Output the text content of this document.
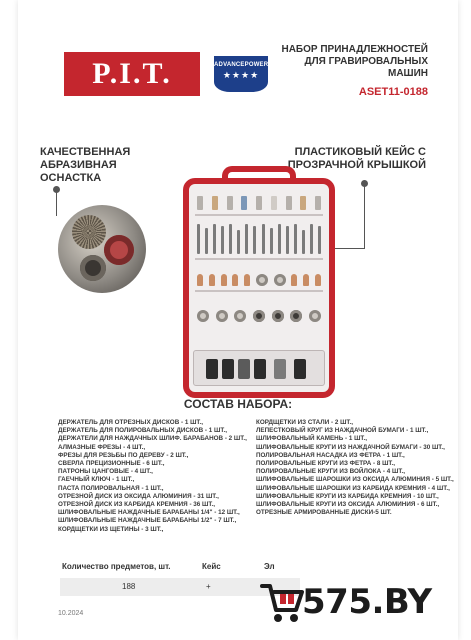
P.I.T.	ADVANCEPOWER
★★★★
НАБОР ПРИНАДЛЕЖНОСТЕЙ ДЛЯ ГРАВИРОВАЛЬНЫХ МАШИН
ASET11-0188
КАЧЕСТВЕННАЯ АБРАЗИВНАЯ ОСНАСТКА
ПЛАСТИКОВЫЙ КЕЙС С ПРОЗРАЧНОЙ КРЫШКОЙ
СОСТАВ НАБОРА:
ДЕРЖАТЕЛЬ ДЛЯ ОТРЕЗНЫХ ДИСКОВ - 1 ШТ.,
ДЕРЖАТЕЛЬ ДЛЯ ПОЛИРОВАЛЬНЫХ ДИСКОВ - 1 ШТ.,
ДЕРЖАТЕЛИ ДЛЯ НАЖДАЧНЫХ ШЛИФ. БАРАБАНОВ - 2 ШТ.,
АЛМАЗНЫЕ ФРЕЗЫ - 4 ШТ.,
ФРЕЗЫ ДЛЯ РЕЗЬБЫ ПО ДЕРЕВУ - 2 ШТ.,
СВЕРЛА ПРЕЦИЗИОННЫЕ - 6 ШТ.,
ПАТРОНЫ ЦАНГОВЫЕ - 4 ШТ.,
ГАЕЧНЫЙ КЛЮЧ - 1 ШТ.,
ПАСТА ПОЛИРОВАЛЬНАЯ - 1 ШТ.,
ОТРЕЗНОЙ ДИСК ИЗ ОКСИДА АЛЮМИНИЯ - 31 ШТ.,
ОТРЕЗНОЙ ДИСК ИЗ КАРБИДА КРЕМНИЯ - 36 ШТ.,
ШЛИФОВАЛЬНЫЕ НАЖДАЧНЫЕ БАРАБАНЫ 1/4" - 12 ШТ.,
ШЛИФОВАЛЬНЫЕ НАЖДАЧНЫЕ БАРАБАНЫ 1/2" - 7 ШТ.,
КОРДЩЕТКИ ИЗ ЩЕТИНЫ - 3 ШТ.,
КОРДЩЕТКИ ИЗ СТАЛИ - 2 ШТ.,
ЛЕПЕСТКОВЫЙ КРУГ ИЗ НАЖДАЧНОЙ БУМАГИ - 1 ШТ.,
ШЛИФОВАЛЬНЫЙ КАМЕНЬ - 1 ШТ.,
ШЛИФОВАЛЬНЫЕ КРУГИ ИЗ НАЖДАЧНОЙ БУМАГИ - 30 ШТ.,
ПОЛИРОВАЛЬНАЯ НАСАДКА ИЗ ФЕТРА - 1 ШТ.,
ПОЛИРОВАЛЬНЫЕ КРУГИ ИЗ ФЕТРА - 8 ШТ.,
ПОЛИРОВАЛЬНЫЕ КРУГИ ИЗ ВОЙЛОКА - 4 ШТ.,
ШЛИФОВАЛЬНЫЕ ШАРОШКИ ИЗ ОКСИДА АЛЮМИНИЯ - 5 ШТ.,
ШЛИФОВАЛЬНЫЕ ШАРОШКИ ИЗ КАРБИДА КРЕМНИЯ - 4 ШТ.,
ШЛИФОВАЛЬНЫЕ КРУГИ ИЗ КАРБИДА КРЕМНИЯ - 10 ШТ.,
ШЛИФОВАЛЬНЫЕ КРУГИ ИЗ ОКСИДА АЛЮМИНИЯ - 6 ШТ.,
ОТРЕЗНЫЕ АРМИРОВАННЫЕ ДИСКИ-5 ШТ.
Количество предметов, шт.	Кейс	Эл
188	+
10.2024	575.BY
